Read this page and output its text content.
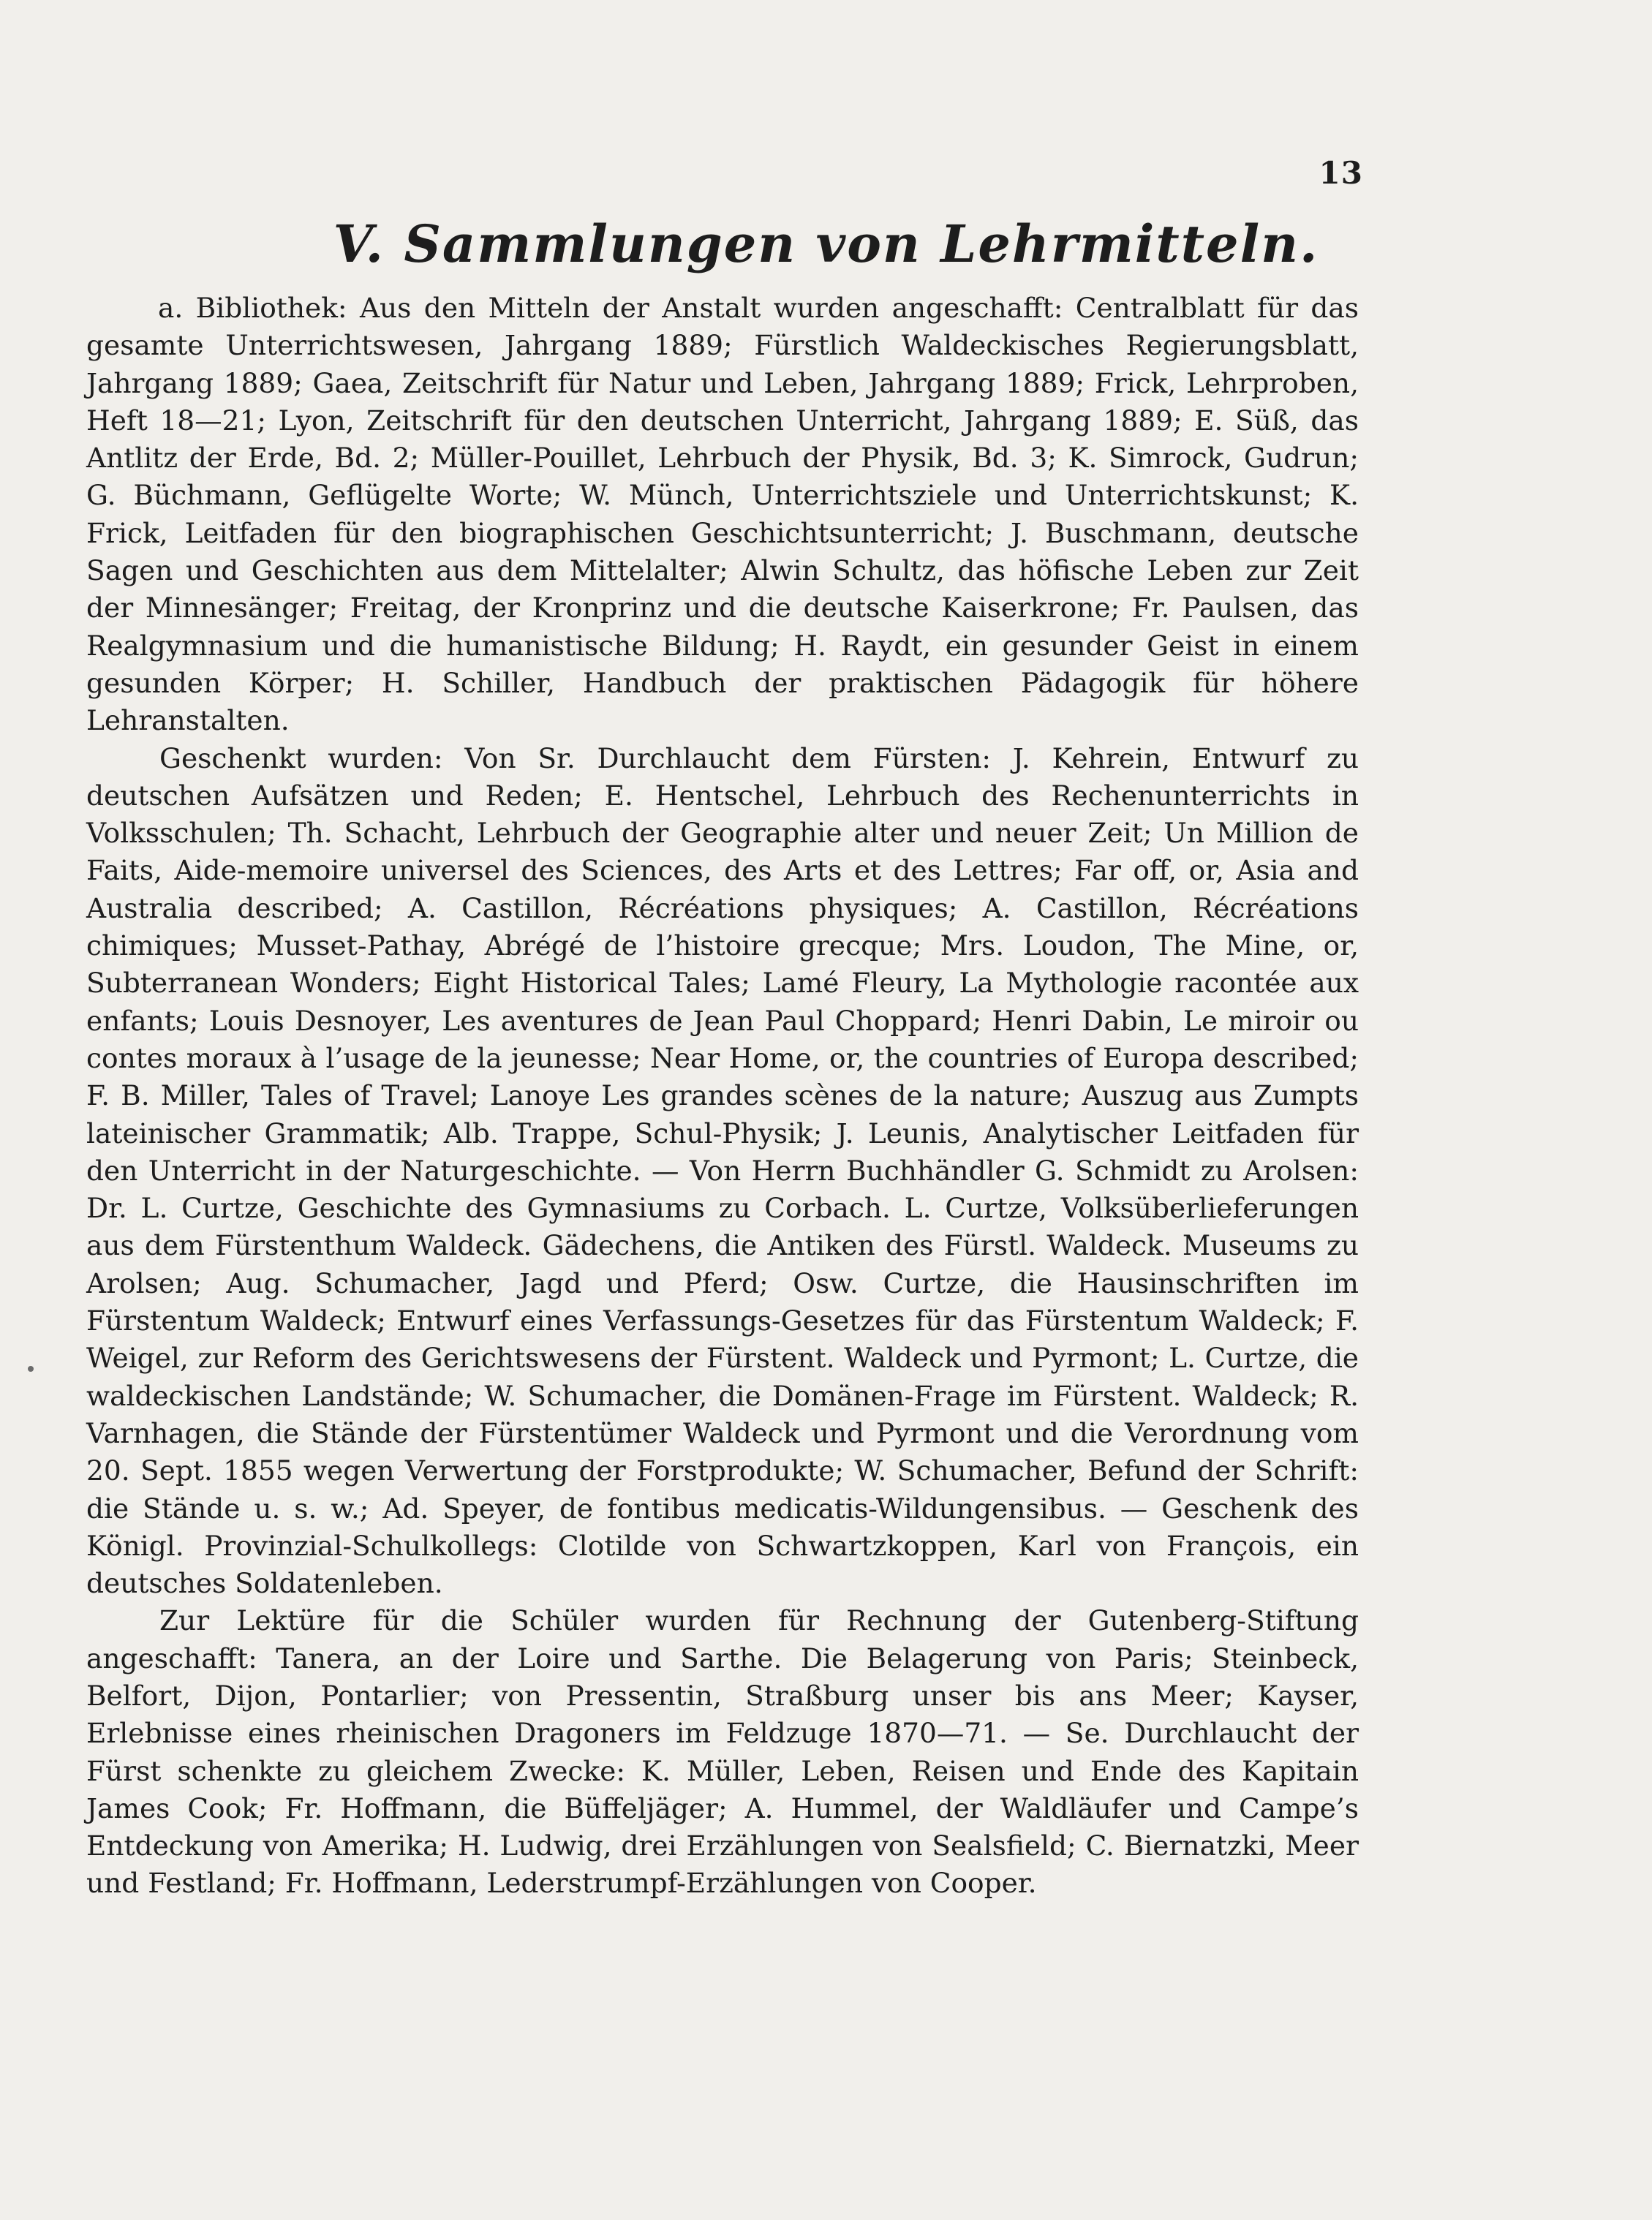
13
V. Sammlungen von Lehrmitteln.

a. Bibliothek: Aus den Mitteln der Anstalt wurden angeschafft: Centralblatt für das gesamte Unterrichtswesen, Jahrgang 1889; Fürstlich Waldeckisches Regierungsblatt, Jahrgang 1889; Gaea, Zeitschrift für Natur und Leben, Jahrgang 1889; Frick, Lehrproben, Heft 18—21; Lyon, Zeitschrift für den deutschen Unterricht, Jahrgang 1889; E. Süß, das Antlitz der Erde, Bd. 2; Müller-Pouillet, Lehrbuch der Physik, Bd. 3; K. Simrock, Gudrun; G. Büchmann, Geflügelte Worte; W. Münch, Unterrichtsziele und Unterrichtskunst; K. Frick, Leitfaden für den biographischen Geschichtsunterricht; J. Buschmann, deutsche Sagen und Geschichten aus dem Mittelalter; Alwin Schultz, das höfische Leben zur Zeit der Minnesänger; Freitag, der Kronprinz und die deutsche Kaiserkrone; Fr. Paulsen, das Realgymnasium und die humanistische Bildung; H. Raydt, ein gesunder Geist in einem gesunden Körper; H. Schiller, Handbuch der praktischen Pädagogik für höhere Lehranstalten.

Geschenkt wurden: Von Sr. Durchlaucht dem Fürsten: J. Kehrein, Entwurf zu deutschen Aufsätzen und Reden; E. Hentschel, Lehrbuch des Rechenunterrichts in Volksschulen; Th. Schacht, Lehrbuch der Geographie alter und neuer Zeit; Un Million de Faits, Aide-memoire universel des Sciences, des Arts et des Lettres; Far off, or, Asia and Australia described; A. Castillon, Récréations physiques; A. Castillon, Récréations chimiques; Musset-Pathay, Abrégé de l’histoire grecque; Mrs. Loudon, The Mine, or, Subterranean Wonders; Eight Historical Tales; Lamé Fleury, La Mythologie racontée aux enfants; Louis Desnoyer, Les aventures de Jean Paul Choppard; Henri Dabin, Le miroir ou contes moraux à l’usage de la jeunesse; Near Home, or, the countries of Europa described; F. B. Miller, Tales of Travel; Lanoye Les grandes scènes de la nature; Auszug aus Zumpts lateinischer Grammatik; Alb. Trappe, Schul-Physik; J. Leunis, Analytischer Leitfaden für den Unterricht in der Naturgeschichte. — Von Herrn Buchhändler G. Schmidt zu Arolsen: Dr. L. Curtze, Geschichte des Gymnasiums zu Corbach. L. Curtze, Volksüberlieferungen aus dem Fürstenthum Waldeck. Gädechens, die Antiken des Fürstl. Waldeck. Museums zu Arolsen; Aug. Schumacher, Jagd und Pferd; Osw. Curtze, die Hausinschriften im Fürstentum Waldeck; Entwurf eines Verfassungs-Gesetzes für das Fürstentum Waldeck; F. Weigel, zur Reform des Gerichtswesens der Fürstent. Waldeck und Pyrmont; L. Curtze, die waldeckischen Landstände; W. Schumacher, die Domänen-Frage im Fürstent. Waldeck; R. Varnhagen, die Stände der Fürstentümer Waldeck und Pyrmont und die Verordnung vom 20. Sept. 1855 wegen Verwertung der Forstprodukte; W. Schumacher, Befund der Schrift: die Stände u. s. w.; Ad. Speyer, de fontibus medicatis-Wildungensibus. — Geschenk des Königl. Provinzial-Schulkollegs: Clotilde von Schwartzkoppen, Karl von François, ein deutsches Soldatenleben.

Zur Lektüre für die Schüler wurden für Rechnung der Gutenberg-Stiftung angeschafft: Tanera, an der Loire und Sarthe. Die Belagerung von Paris; Steinbeck, Belfort, Dijon, Pontarlier; von Pressentin, Straßburg unser bis ans Meer; Kayser, Erlebnisse eines rheinischen Dragoners im Feldzuge 1870—71. — Se. Durchlaucht der Fürst schenkte zu gleichem Zwecke: K. Müller, Leben, Reisen und Ende des Kapitain James Cook; Fr. Hoffmann, die Büffeljäger; A. Hummel, der Waldläufer und Campe’s Entdeckung von Amerika; H. Ludwig, drei Erzählungen von Sealsfield; C. Biernatzki, Meer und Festland; Fr. Hoffmann, Lederstrumpf-Erzählungen von Cooper.
